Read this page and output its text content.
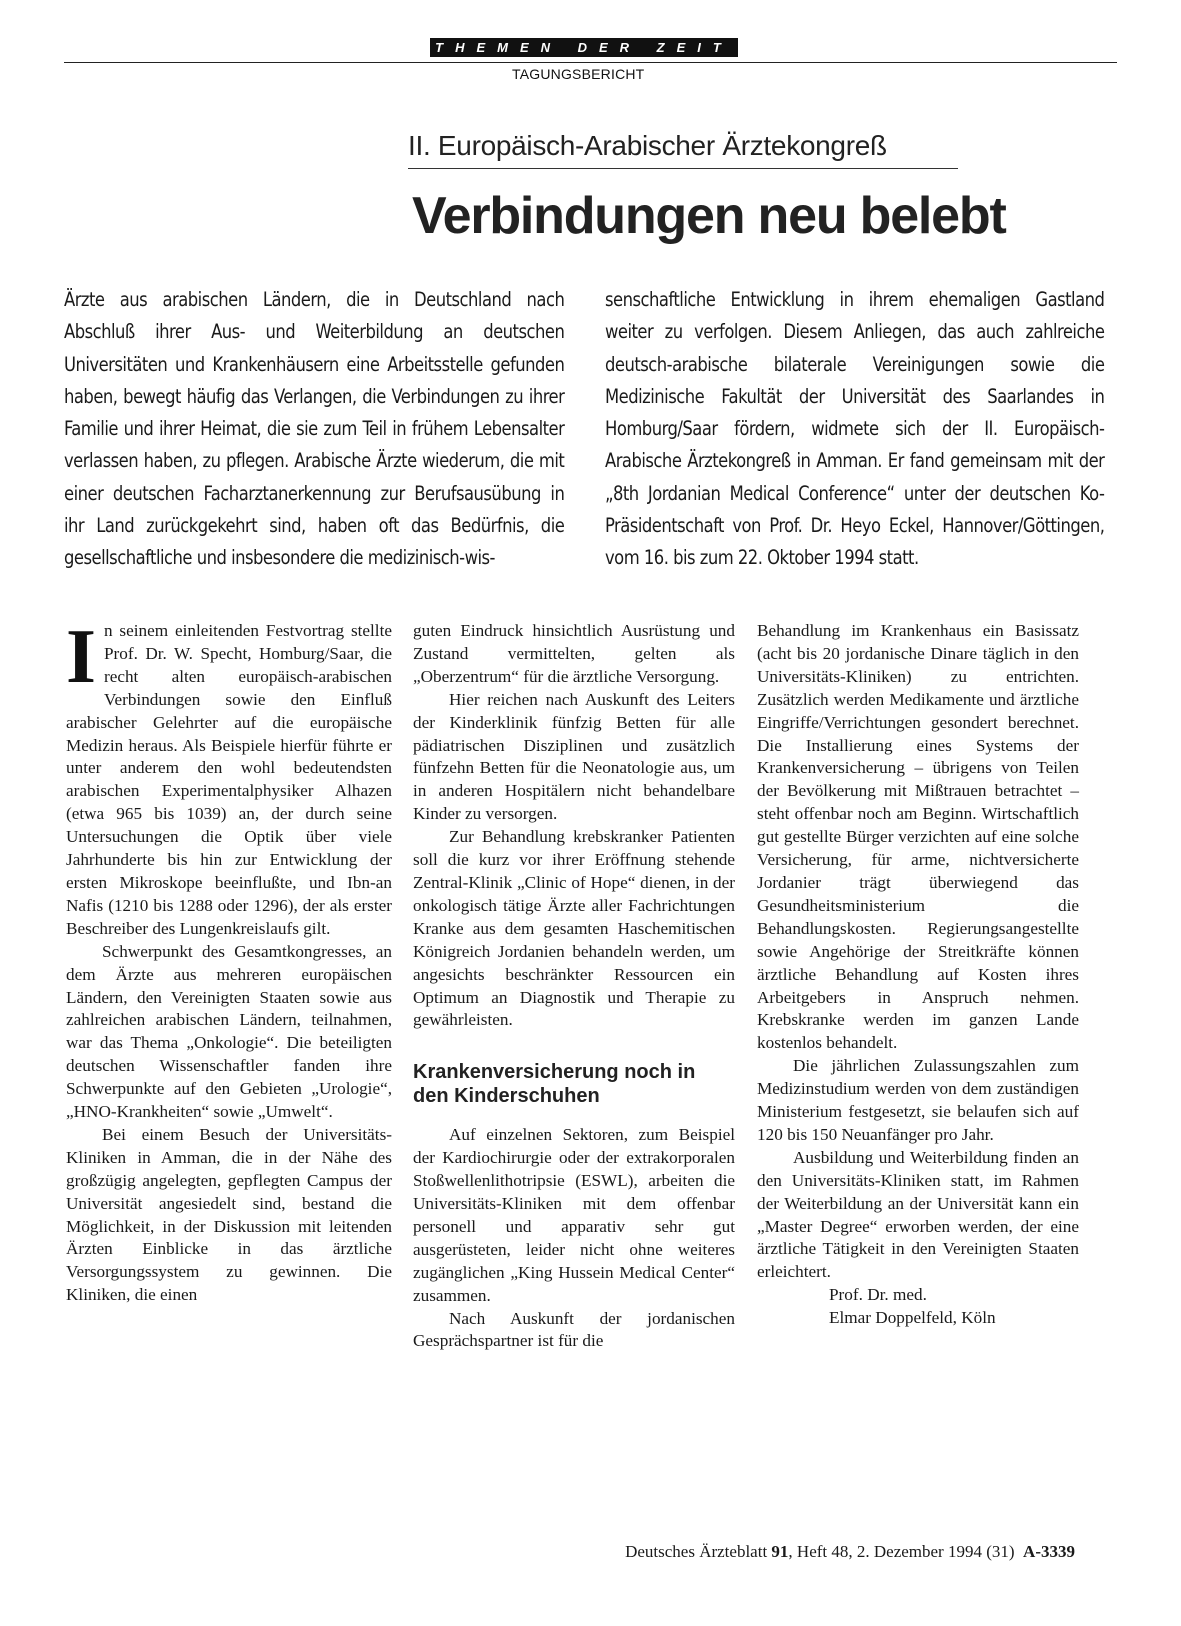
THEMEN DER ZEIT
TAGUNGSBERICHT
II. Europäisch-Arabischer Ärztekongreß
Verbindungen neu belebt
Ärzte aus arabischen Ländern, die in Deutschland nach Abschluß ihrer Aus- und Weiterbildung an deutschen Universitäten und Krankenhäusern eine Arbeitsstelle gefunden haben, bewegt häufig das Verlangen, die Verbindungen zu ihrer Familie und ihrer Heimat, die sie zum Teil in frühem Lebensalter verlassen haben, zu pflegen. Arabische Ärzte wiederum, die mit einer deutschen Facharztanerkennung zur Berufsausübung in ihr Land zurückgekehrt sind, haben oft das Bedürfnis, die gesellschaftliche und insbesondere die medizinisch-wis-
senschaftliche Entwicklung in ihrem ehemaligen Gastland weiter zu verfolgen. Diesem Anliegen, das auch zahlreiche deutsch-arabische bilaterale Vereinigungen sowie die Medizinische Fakultät der Universität des Saarlandes in Homburg/Saar fördern, widmete sich der II. Europäisch-Arabische Ärztekongreß in Amman. Er fand gemeinsam mit der „8th Jordanian Medical Conference“ unter der deutschen Ko-Präsidentschaft von Prof. Dr. Heyo Eckel, Hannover/Göttingen, vom 16. bis zum 22. Oktober 1994 statt.

In seinem einleitenden Festvortrag stellte Prof. Dr. W. Specht, Homburg/Saar, die recht alten europäisch-arabischen Verbindungen sowie den Einfluß arabischer Gelehrter auf die europäische Medizin heraus. Als Beispiele hierfür führte er unter anderem den wohl bedeutendsten arabischen Experimentalphysiker Alhazen (etwa 965 bis 1039) an, der durch seine Untersuchungen die Optik über viele Jahrhunderte bis hin zur Entwicklung der ersten Mikroskope beeinflußte, und Ibn-an Nafis (1210 bis 1288 oder 1296), der als erster Beschreiber des Lungenkreislaufs gilt.

Schwerpunkt des Gesamtkongresses, an dem Ärzte aus mehreren europäischen Ländern, den Vereinigten Staaten sowie aus zahlreichen arabischen Ländern, teilnahmen, war das Thema „Onkologie“. Die beteiligten deutschen Wissenschaftler fanden ihre Schwerpunkte auf den Gebieten „Urologie“, „HNO-Krankheiten“ sowie „Umwelt“.

Bei einem Besuch der Universitäts-Kliniken in Amman, die in der Nähe des großzügig angelegten, gepflegten Campus der Universität angesiedelt sind, bestand die Möglichkeit, in der Diskussion mit leitenden Ärzten Einblicke in das ärztliche Versorgungssystem zu gewinnen. Die Kliniken, die einen

guten Eindruck hinsichtlich Ausrüstung und Zustand vermittelten, gelten als „Oberzentrum“ für die ärztliche Versorgung.

Hier reichen nach Auskunft des Leiters der Kinderklinik fünfzig Betten für alle pädiatrischen Disziplinen und zusätzlich fünfzehn Betten für die Neonatologie aus, um in anderen Hospitälern nicht behandelbare Kinder zu versorgen.

Zur Behandlung krebskranker Patienten soll die kurz vor ihrer Eröffnung stehende Zentral-Klinik „Clinic of Hope“ dienen, in der onkologisch tätige Ärzte aller Fachrichtungen Kranke aus dem gesamten Haschemitischen Königreich Jordanien behandeln werden, um angesichts beschränkter Ressourcen ein Optimum an Diagnostik und Therapie zu gewährleisten.

Krankenversicherung noch in den Kinderschuhen

Auf einzelnen Sektoren, zum Beispiel der Kardiochirurgie oder der extrakorporalen Stoßwellenlithotripsie (ESWL), arbeiten die Universitäts-Kliniken mit dem offenbar personell und apparativ sehr gut ausgerüsteten, leider nicht ohne weiteres zugänglichen „King Hussein Medical Center“ zusammen.

Nach Auskunft der jordanischen Gesprächspartner ist für die

Behandlung im Krankenhaus ein Basissatz (acht bis 20 jordanische Dinare täglich in den Universitäts-Kliniken) zu entrichten. Zusätzlich werden Medikamente und ärztliche Eingriffe/Verrichtungen gesondert berechnet. Die Installierung eines Systems der Krankenversicherung – übrigens von Teilen der Bevölkerung mit Mißtrauen betrachtet – steht offenbar noch am Beginn. Wirtschaftlich gut gestellte Bürger verzichten auf eine solche Versicherung, für arme, nichtversicherte Jordanier trägt überwiegend das Gesundheitsministerium die Behandlungskosten. Regierungsangestellte sowie Angehörige der Streitkräfte können ärztliche Behandlung auf Kosten ihres Arbeitgebers in Anspruch nehmen. Krebskranke werden im ganzen Lande kostenlos behandelt.

Die jährlichen Zulassungszahlen zum Medizinstudium werden von dem zuständigen Ministerium festgesetzt, sie belaufen sich auf 120 bis 150 Neuanfänger pro Jahr.

Ausbildung und Weiterbildung finden an den Universitäts-Kliniken statt, im Rahmen der Weiterbildung an der Universität kann ein „Master Degree“ erworben werden, der eine ärztliche Tätigkeit in den Vereinigten Staaten erleichtert.

Prof. Dr. med.
Elmar Doppelfeld, Köln

Deutsches Ärzteblatt 91, Heft 48, 2. Dezember 1994 (31) A-3339
